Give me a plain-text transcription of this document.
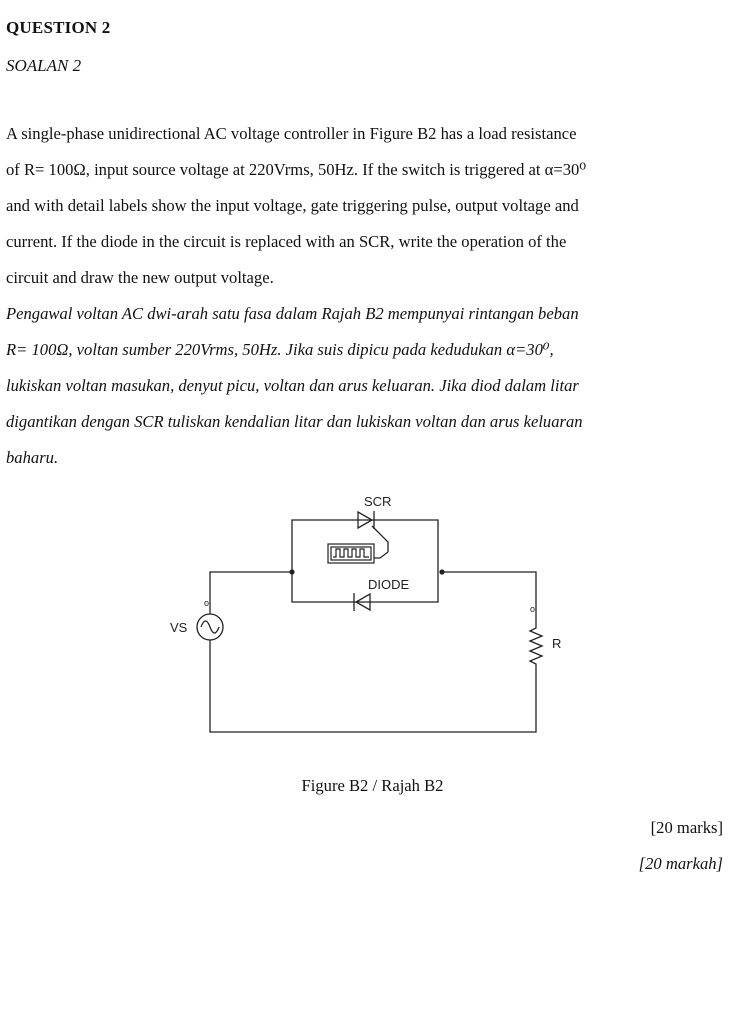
QUESTION 2
SOALAN 2
A single-phase unidirectional AC voltage controller in Figure B2 has a load resistance
of R= 100Ω, input source voltage at 220Vrms, 50Hz. If the switch is triggered at α=30⁰
and with detail labels show the input voltage, gate triggering pulse, output voltage and
current. If the diode in the circuit is replaced with an SCR, write the operation of the
circuit and draw the new output voltage.
Pengawal voltan AC dwi-arah satu fasa dalam Rajah B2 mempunyai rintangan beban
R= 100Ω, voltan sumber 220Vrms, 50Hz. Jika suis dipicu pada kedudukan α=30⁰,
lukiskan voltan masukan, denyut picu, voltan dan arus keluaran. Jika diod dalam litar
digantikan dengan SCR tuliskan kendalian litar dan lukiskan voltan dan arus keluaran
baharu.
SCR
DIODE
o
VS
o
R
Figure B2 / Rajah B2
[20 marks]
[20 markah]
